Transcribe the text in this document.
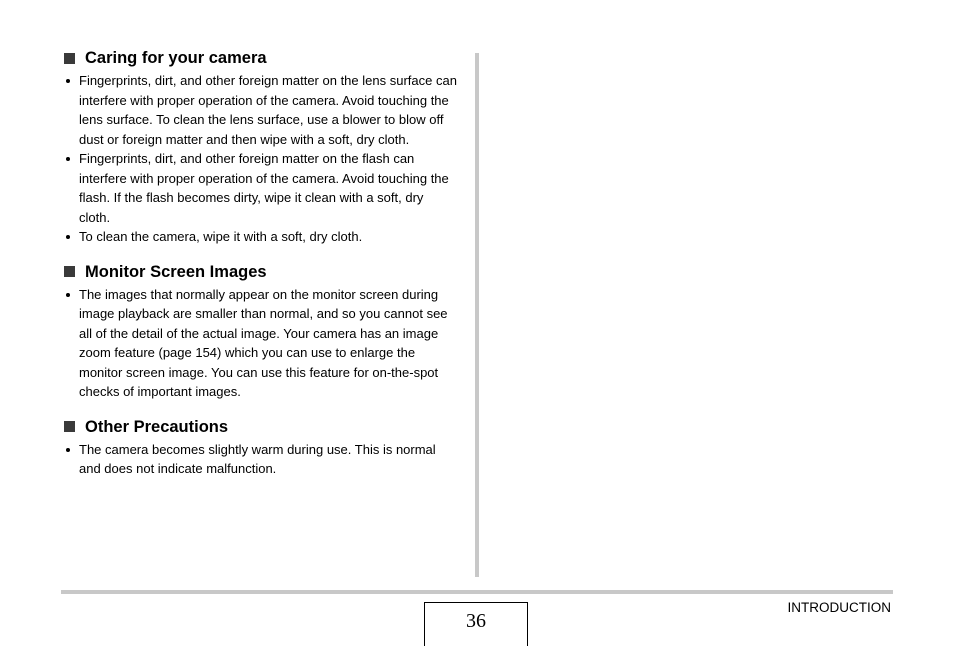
Caring for your camera
Fingerprints, dirt, and other foreign matter on the lens surface can interfere with proper operation of the camera. Avoid touching the lens surface. To clean the lens surface, use a blower to blow off dust or foreign matter and then wipe with a soft, dry cloth.
Fingerprints, dirt, and other foreign matter on the flash can interfere with proper operation of the camera. Avoid touching the flash. If the flash becomes dirty, wipe it clean with a soft, dry cloth.
To clean the camera, wipe it with a soft, dry cloth.
Monitor Screen Images
The images that normally appear on the monitor screen during image playback are smaller than normal, and so you cannot see all of the detail of the actual image. Your camera has an image zoom feature (page 154) which you can use to enlarge the monitor screen image. You can use this feature for on-the-spot checks of important images.
Other Precautions
The camera becomes slightly warm during use. This is normal and does not indicate malfunction.
36
INTRODUCTION
